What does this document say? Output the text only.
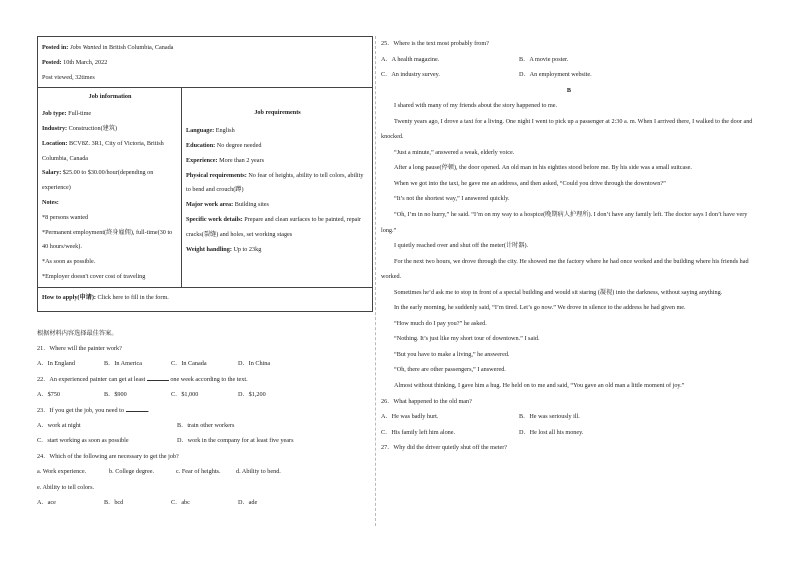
Posted in: Jobs Wanted in British Columbia, Canada
Posted: 10th March, 2022
Post viewed, 32times
Job information
Job type: Full-time
Industry: Construction(建筑)
Location: BCV8Z. 3R1, City of Victoria, British Columbia, Canada
Salary: $25.00 to $30.00/hour(depending on experience)
Notes:
*8 persons wanted
*Permanent employment(終身雇佣), full-time(30 to 40 hours/week).
*As soon as possible.
*Employer doesn't cover cost of traveling
Job requirements
Language: English
Education: No degree needed
Experience: More than 2 years
Physical requirements: No fear of heights, ability to tell colors, ability to bend and crouch(蹲)
Major work area: Building sites
Specific work details: Prepare and clean surfaces to be painted, repair cracks(裂缝) and holes, set working stages
Weight handling: Up to 23kg
How to apply(申请): Click here to fill in the form.
根据材料内容选择最佳答案。
21．Where will the painter work?
A．In England	B．In America	C．In Canada	D．In China
22．An experienced painter can get at least	one week according to the text.
A．$750	B．$900	C．$1,000	D．$1,200
23．If you get the job, you need to	.
A．work at night	B．train other workers
C．start working as soon as possible	D．work in the company for at least five years
24．Which of the following are necessary to get the job?
a. Work experience.	b. College degree.	c. Fear of heights.	d. Ability to bend.
e. Ability to tell colors.
A．ace	B．bcd	C．abc	D．ade
25．Where is the text most probably from?
A．A health magazine.	B．A movie poster.
C．An industry survey.	D．An employment website.
B
I shared with many of my friends about the story happened to me.
Twenty years ago, I drove a taxi for a living. One night I went to pick up a passenger at 2:30 a. m. When I arrived there, I walked to the door and knocked.
“Just a minute,” answered a weak, elderly voice.
After a long pause(停顿), the door opened. An old man in his eighties stood before me. By his side was a small suitcase.
When we got into the taxi, he gave me an address, and then asked, “Could you drive through the downtown?”
“It’s not the shortest way,” I answered quickly.
“Oh, I’m in no hurry,” he said. “I’m on my way to a hospice(晚期病人护理所). I don’t have any family left. The doctor says I don’t have very long.”
I quietly reached over and shut off the meter(计时器).
For the next two hours, we drove through the city. He showed me the factory where he had once worked and the building where his friends had worked.
Sometimes he’d ask me to stop in front of a special building and would sit staring (凝视) into the darkness, without saying anything.
In the early morning, he suddenly said, “I’m tired. Let’s go now.” We drove in silence to the address he had given me.
“How much do I pay you?” he asked.
“Nothing. It’s just like my short tour of downtown.” I said.
“But you have to make a living,” he answered.
“Oh, there are other passengers,” I answered.
Almost without thinking, I gave him a hug. He held on to me and said, “You gave an old man a little moment of joy.”
26．What happened to the old man?
A．He was badly hurt.	B．He was seriously ill.
C．His family left him alone.	D．He lost all his money.
27．Why did the driver quietly shut off the meter?
